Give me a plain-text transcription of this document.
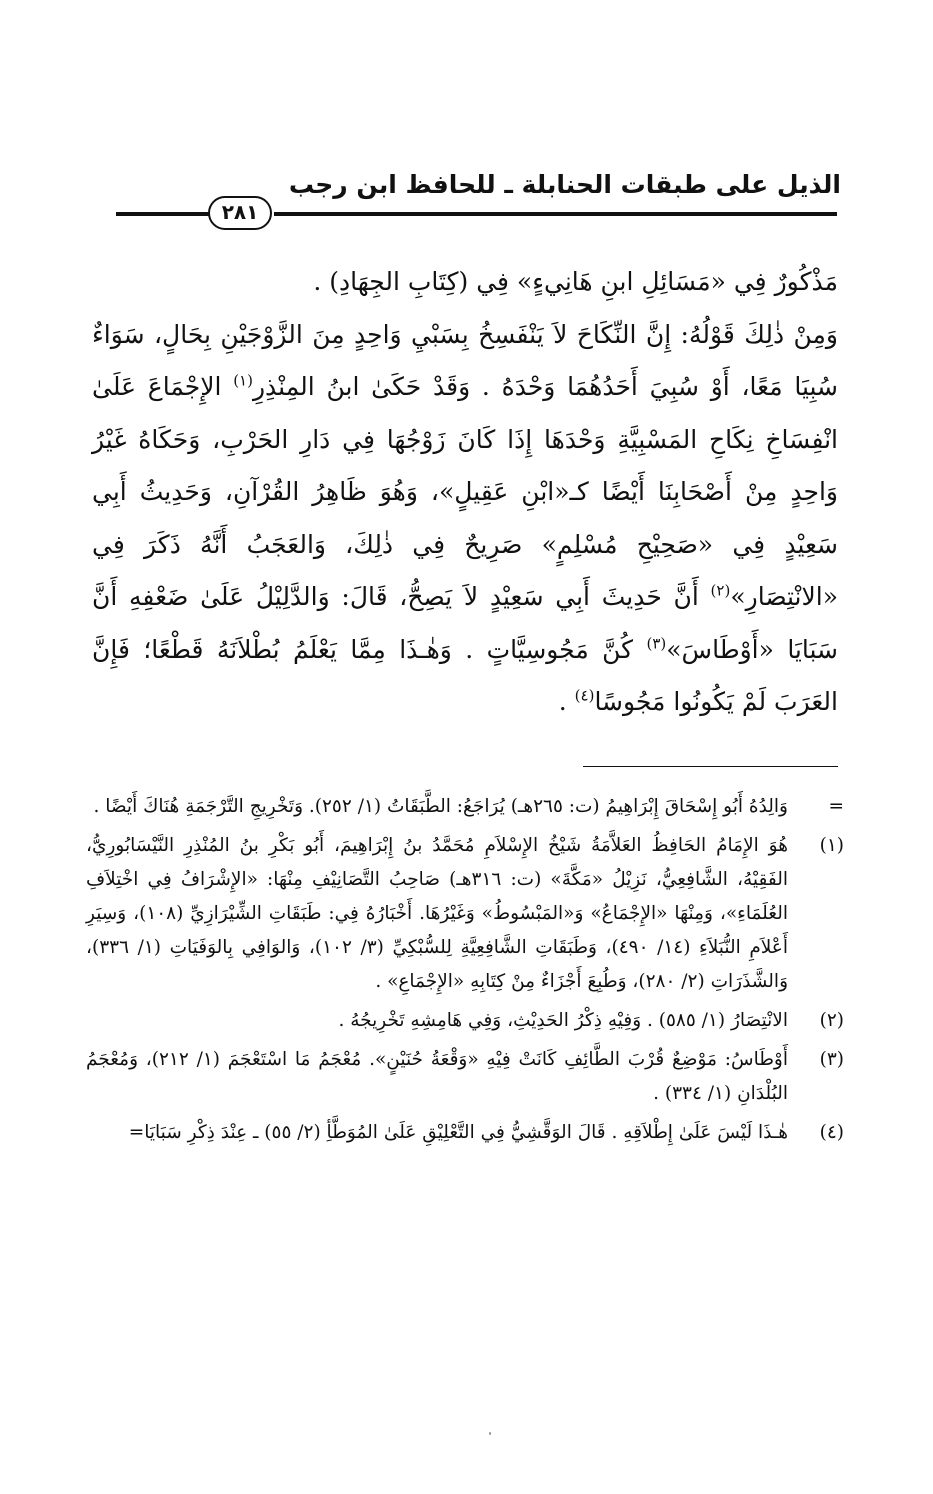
الذيل على طبقات الحنابلة ـ للحافظ ابن رجب
٢٨١

مَذْكُورٌ فِي «مَسَائِلِ ابنِ هَانِيءٍ» فِي (كِتَابِ الجِهَادِ) .

وَمِنْ ذٰلِكَ قَوْلُهُ: إِنَّ النِّكَاحَ لاَ يَنْفَسِخُ بِسَبْيِ وَاحِدٍ مِنَ الزَّوْجَيْنِ بِحَالٍ، سَوَاءٌ سُبِيَا مَعًا، أَوْ سُبِيَ أَحَدُهُمَا وَحْدَهُ . وَقَدْ حَكَىٰ ابنُ المِنْذِرِ$^{(١)}$ الإِجْمَاعَ عَلَىٰ انْفِسَاخِ نِكَاحِ المَسْبِيَّةِ وَحْدَهَا إِذَا كَانَ زَوْجُهَا فِي دَارِ الحَرْبِ، وَحَكَاهُ غَيْرُ وَاحِدٍ مِنْ أَصْحَابِنَا أَيْضًا كـ«ابْنِ عَقِيلٍ»، وَهُوَ ظَاهِرُ القُرْآنِ، وَحَدِيثُ أَبِي سَعِيْدٍ فِي «صَحِيْحِ مُسْلِمٍ» صَرِيحٌ فِي ذٰلِكَ، وَالعَجَبُ أَنَّهُ ذَكَرَ فِي «الانْتِصَارِ»$^{(٢)}$ أَنَّ حَدِيثَ أَبِي سَعِيْدٍ لاَ يَصِحُّ، قَالَ: وَالدَّلِيْلُ عَلَىٰ ضَعْفِهِ أَنَّ سَبَايَا «أَوْطَاسَ»$^{(٣)}$ كُنَّ مَجُوسِيَّاتٍ . وَهٰـذَا مِمَّا يَعْلَمُ بُطْلاَنَهُ قَطْعًا؛ فَإِنَّ العَرَبَ لَمْ يَكُونُوا مَجُوسًا$^{(٤)}$ .

=
وَالِدُهُ أَبُو إِسْحَاقَ إِبْرَاهِيمُ (ت: ٢٦٥هـ) يُرَاجَعُ: الطَّبَقَاتُ (١/ ٢٥٢). وَتَخْرِيجِ التَّرْجَمَةِ هُنَاكَ أَيْضًا .
(١)
هُوَ الإِمَامُ الحَافِظُ العَلاَّمَةُ شَيْخُ الإِسْلاَمِ مُحَمَّدُ بنُ إِبْرَاهِيمَ، أَبُو بَكْرِ بنُ المُنْذِرِ النَّيْسَابُورِيُّ، الفَقِيْهُ، الشَّافِعِيُّ، نَزِيْلُ «مَكَّةَ» (ت: ٣١٦هـ) صَاحِبُ التَّصَانِيْفِ مِنْهَا: «الإِشْرَافُ فِي اخْتِلاَفِ العُلَمَاءِ»، وَمِنْهَا «الإِجْمَاعُ» وَ«المَبْسُوطُ» وَغَيْرُهَا. أَخْبَارُهُ فِي: طَبَقَاتِ الشِّيْرَازِيِّ (١٠٨)، وَسِيَرِ أَعْلاَمِ النُّبَلاَءِ (١٤/ ٤٩٠)، وَطَبَقَاتِ الشَّافِعِيَّةِ لِلسُّبْكِيِّ (٣/ ١٠٢)، وَالوَافِي بِالوَفَيَاتِ (١/ ٣٣٦)، وَالشَّذَرَاتِ (٢/ ٢٨٠)، وَطُبِعَ أَجْزَاءٌ مِنْ كِتَابِهِ «الإِجْمَاعِ» .
(٢)
الانْتِصَارُ (١/ ٥٨٥) . وَفِيْهِ ذِكْرُ الحَدِيْثِ، وَفِي هَامِشِهِ تَخْرِيجُهُ .
(٣)
أَوْطَاسُ: مَوْضِعٌ قُرْبَ الطَّائِفِ كَانَتْ فِيْهِ «وَقْعَةُ حُنَيْنٍ». مُعْجَمُ مَا اسْتَعْجَمَ (١/ ٢١٢)، وَمُعْجَمُ البُلْدَانِ (١/ ٣٣٤) .
(٤)
هٰـذَا لَيْسَ عَلَىٰ إِطْلاَقِهِ . قَالَ الوَقَّشِيُّ فِي التَّعْلِيْقِ عَلَىٰ المُوَطَّأِ (٢/ ٥٥) ـ عِنْدَ ذِكْرِ سَبَايَا=
